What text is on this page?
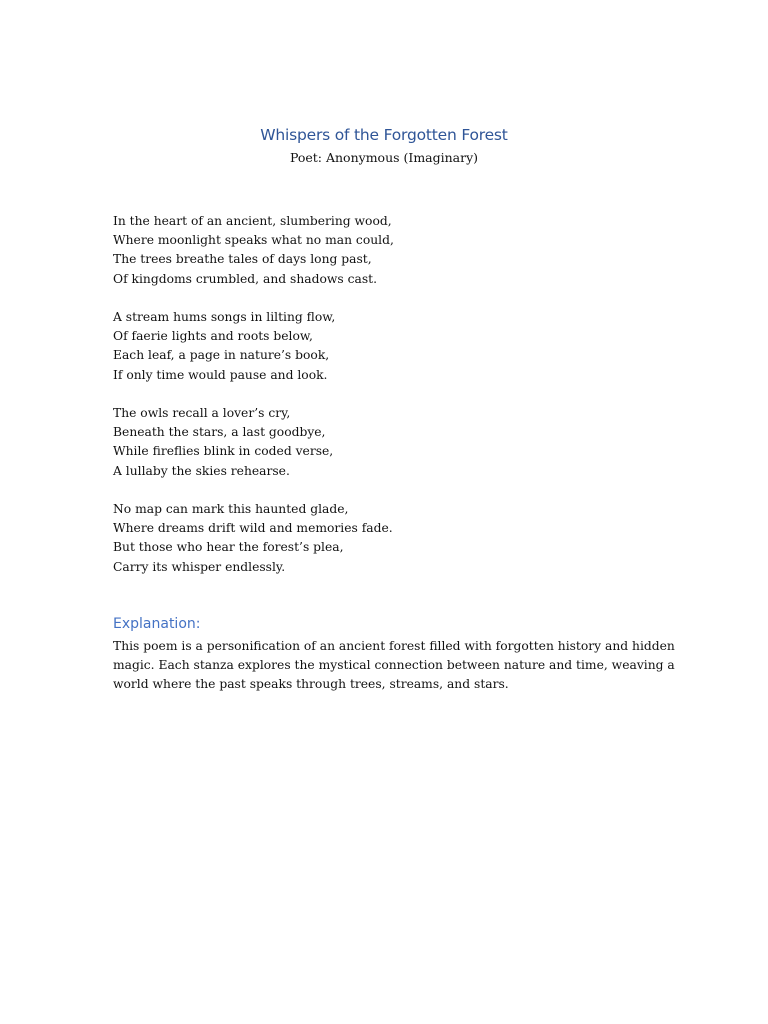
Whispers of the Forgotten Forest
Poet: Anonymous (Imaginary)
In the heart of an ancient, slumbering wood,
Where moonlight speaks what no man could,
The trees breathe tales of days long past,
Of kingdoms crumbled, and shadows cast.
A stream hums songs in lilting flow,
Of faerie lights and roots below,
Each leaf, a page in nature’s book,
If only time would pause and look.
The owls recall a lover’s cry,
Beneath the stars, a last goodbye,
While fireflies blink in coded verse,
A lullaby the skies rehearse.
No map can mark this haunted glade,
Where dreams drift wild and memories fade.
But those who hear the forest’s plea,
Carry its whisper endlessly.
Explanation:
This poem is a personification of an ancient forest filled with forgotten history and hidden
magic. Each stanza explores the mystical connection between nature and time, weaving a
world where the past speaks through trees, streams, and stars.
